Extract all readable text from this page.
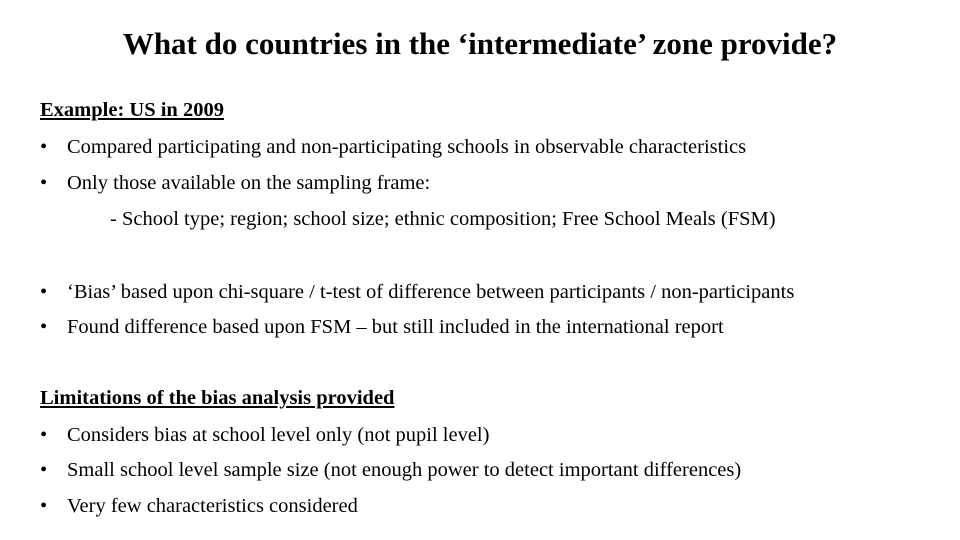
What do countries in the ‘intermediate’ zone provide?
Example: US in 2009
• Compared participating and non-participating schools in observable characteristics
• Only those available on the sampling frame:
- School type; region; school size; ethnic composition; Free School Meals (FSM)
• ‘Bias’ based upon chi-square / t-test of difference between participants / non-participants
• Found difference based upon FSM – but still included in the international report
Limitations of the bias analysis provided
• Considers bias at school level only (not pupil level)
• Small school level sample size (not enough power to detect important differences)
• Very few characteristics considered
